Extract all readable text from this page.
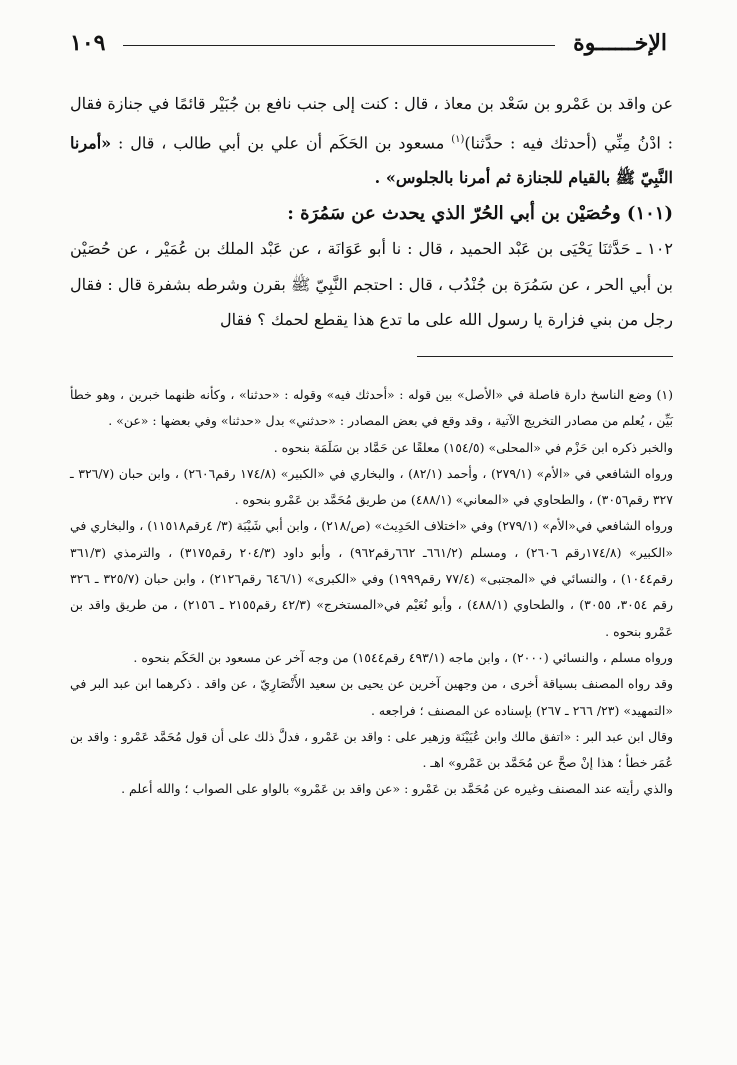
الإخــــــوة
١٠٩

عن واقد بن عَمْرو بن سَعْد بن معاذ ، قال : كنت إلى جنب نافع بن جُبَيْر قائمًا في جنازة فقال : ادْنُ مِنِّي (أحدثك فيه : حدَّثنا)$^{(١)}$ مسعود بن الحَكَم أن علي بن أبي طالب ، قال : «أمرنا النَّبِيّ ﷺ بالقيام للجنازة ثم أمرنا بالجلوس» .

(١٠١) وحُصَيْن بن أبي الحُرّ الذي يحدث عن سَمُرَة :

١٠٢ ـ حَدَّثنَا يَحْيَى بن عَبْد الحميد ، قال : نا أبو عَوَانَة ، عن عَبْد الملك بن عُمَيْر ، عن حُصَيْن بن أبي الحر ، عن سَمُرَة بن جُنْدُب ، قال : احتجم النَّبِيّ ﷺ بقرن وشرطه بشفرة قال : فقال رجل من بني فزارة يا رسول الله على ما تدع هذا يقطع لحمك ؟ فقال

(١) وضع الناسخ دارة فاصلة في «الأصل» بين قوله : «أحدثك فيه» وقوله : «حدثنا» ، وكأنه ظنهما خبرين ، وهو خطأ بَيِّن ، يُعلم من مصادر التخريج الآتية ، وقد وقع في بعض المصادر : «حدثني» بدل «حدثنا» وفي بعضها : «عن» .

والخبر ذكره ابن حَزْم في «المحلى» (١٥٤/٥) معلقًا عن حَمَّاد بن سَلَمَة بنحوه .

ورواه الشافعي في «الأم» (٢٧٩/١) ، وأحمد (٨٢/١) ، والبخاري في «الكبير» (١٧٤/٨ رقم٢٦٠٦) ، وابن حبان (٣٢٦/٧ ـ ٣٢٧ رقم٣٠٥٦) ، والطحاوي في «المعاني» (٤٨٨/١) من طريق مُحَمَّد بن عَمْرو بنحوه .

ورواه الشافعي في«الأم» (٢٧٩/١) وفي «اختلاف الحَدِيث» (ص/٢١٨) ، وابن أبي شَيْبَة (٣/ ٤رقم١١٥١٨) ، والبخاري في «الكبير» (١٧٤/٨رقم ٢٦٠٦) ، ومسلم (٦٦١/٢ـ ٦٦٢رقم٩٦٢) ، وأبو داود (٢٠٤/٣ رقم٣١٧٥) ، والترمذي (٣٦١/٣ رقم١٠٤٤) ، والنسائي في «المجتبى» (٧٧/٤ رقم١٩٩٩) وفي «الكبرى» (٦٤٦/١ رقم٢١٢٦) ، وابن حبان (٣٢٥/٧ ـ ٣٢٦ رقم ٣٠٥٤، ٣٠٥٥) ، والطحاوي (٤٨٨/١) ، وأبو نُعَيْم في«المستخرج» (٤٢/٣ رقم٢١٥٥ ـ ٢١٥٦) ، من طريق واقد بن عَمْرو بنحوه .

ورواه مسلم ، والنسائي (٢٠٠٠) ، وابن ماجه (٤٩٣/١ رقم١٥٤٤) من وجه آخر عن مسعود بن الحَكَم بنحوه .

وقد رواه المصنف بسياقة أخرى ، من وجهين آخرين عن يحيى بن سعيد الأَنْصَارِيّ ، عن واقد . ذكرهما ابن عبد البر في «التمهيد» (٢٣/ ٢٦٦ ـ ٢٦٧) بإسناده عن المصنف ؛ فراجعه .

وقال ابن عبد البر : «اتفق مالك وابن عُيَيْنَة وزهير على : واقد بن عَمْرو ، فدلَّ ذلك على أن قول مُحَمَّد عَمْرو : واقد بن عُمَر خطأ ؛ هذا إنْ صحَّ عن مُحَمَّد بن عَمْرو» اهـ .

والذي رأيته عند المصنف وغيره عن مُحَمَّد بن عَمْرو : «عن واقد بن عَمْرو» بالواو على الصواب ؛ والله أعلم .
